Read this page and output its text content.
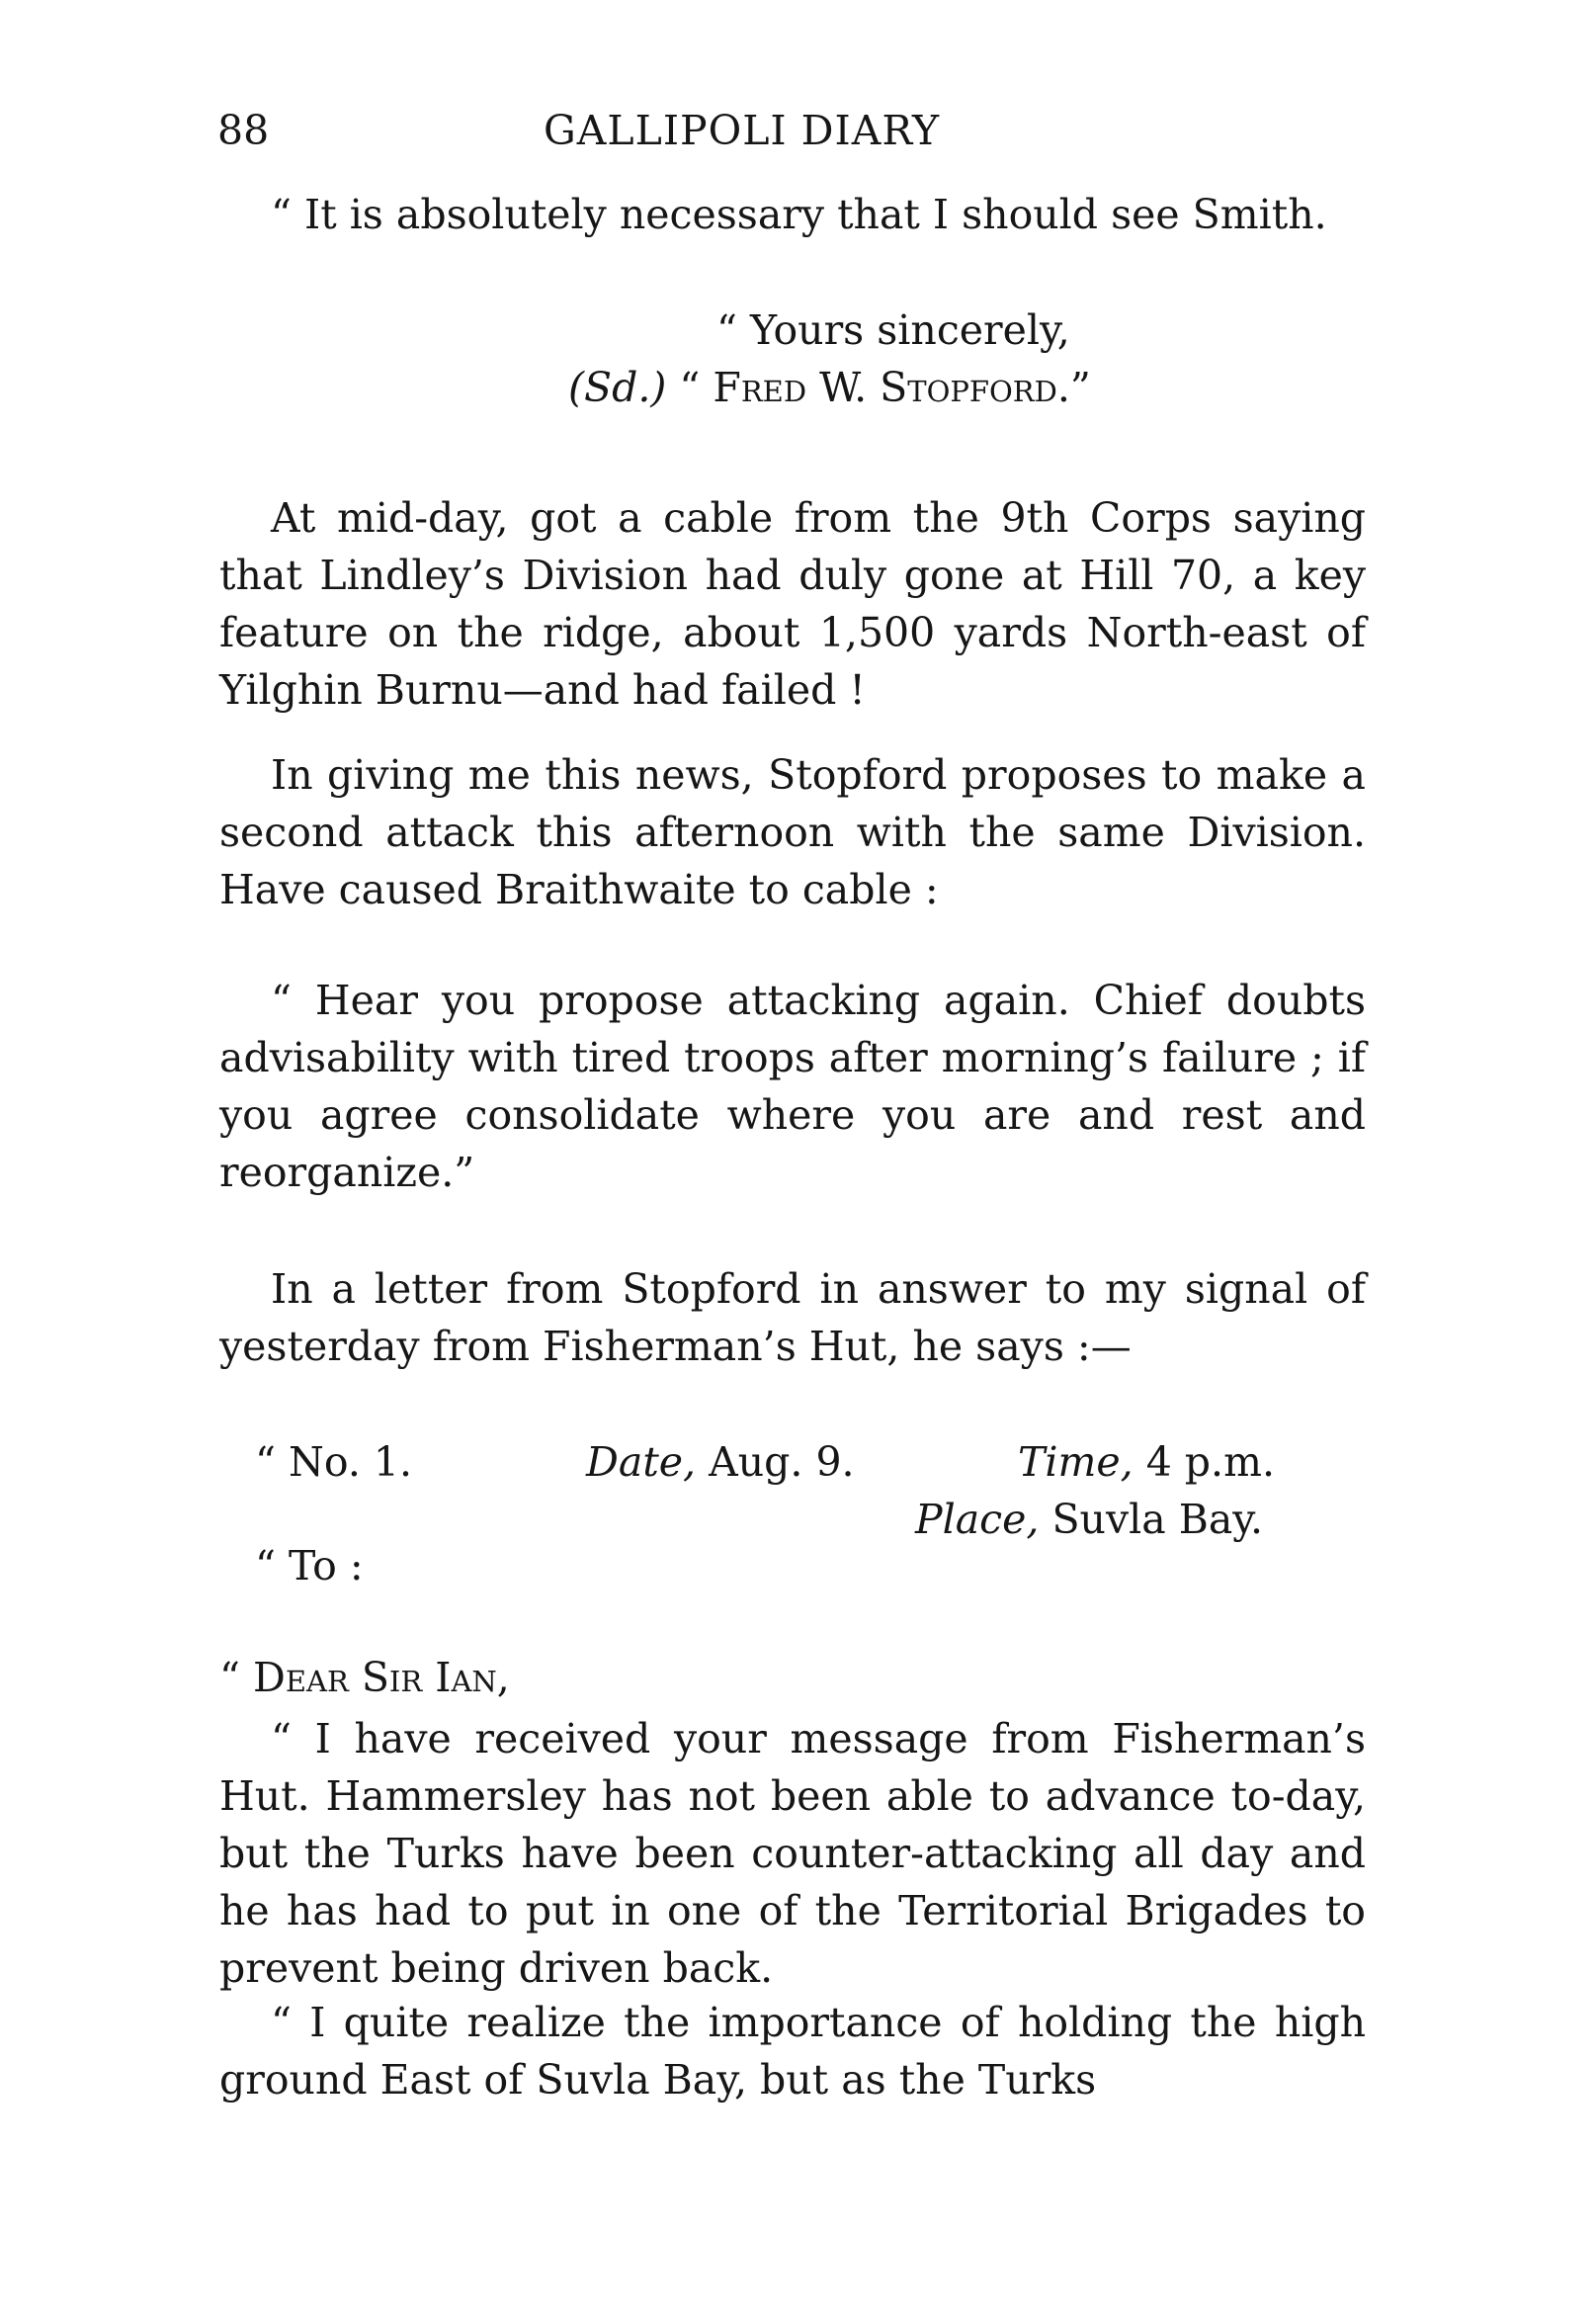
88	GALLIPOLI DIARY

“ It is absolutely necessary that I should see Smith.

“ Yours sincerely,
(Sd.) “ Fred W. Stopford.”

At mid-day, got a cable from the 9th Corps saying that Lindley’s Division had duly gone at Hill 70, a key feature on the ridge, about 1,500 yards North-east of Yilghin Burnu—and had failed !

In giving me this news, Stopford proposes to make a second attack this afternoon with the same Division. Have caused Braithwaite to cable :

“ Hear you propose attacking again. Chief doubts advisability with tired troops after morning’s failure ; if you agree consolidate where you are and rest and reorganize.”

In a letter from Stopford in answer to my signal of yesterday from Fisherman’s Hut, he says :—

“ No. 1.	Date, Aug. 9.	Time, 4 p.m.
Place, Suvla Bay.
“ To :
“ Dear Sir Ian,

“ I have received your message from Fisherman’s Hut. Hammersley has not been able to advance to-day, but the Turks have been counter-attacking all day and he has had to put in one of the Territorial Brigades to prevent being driven back.

“ I quite realize the importance of holding the high ground East of Suvla Bay, but as the Turks
